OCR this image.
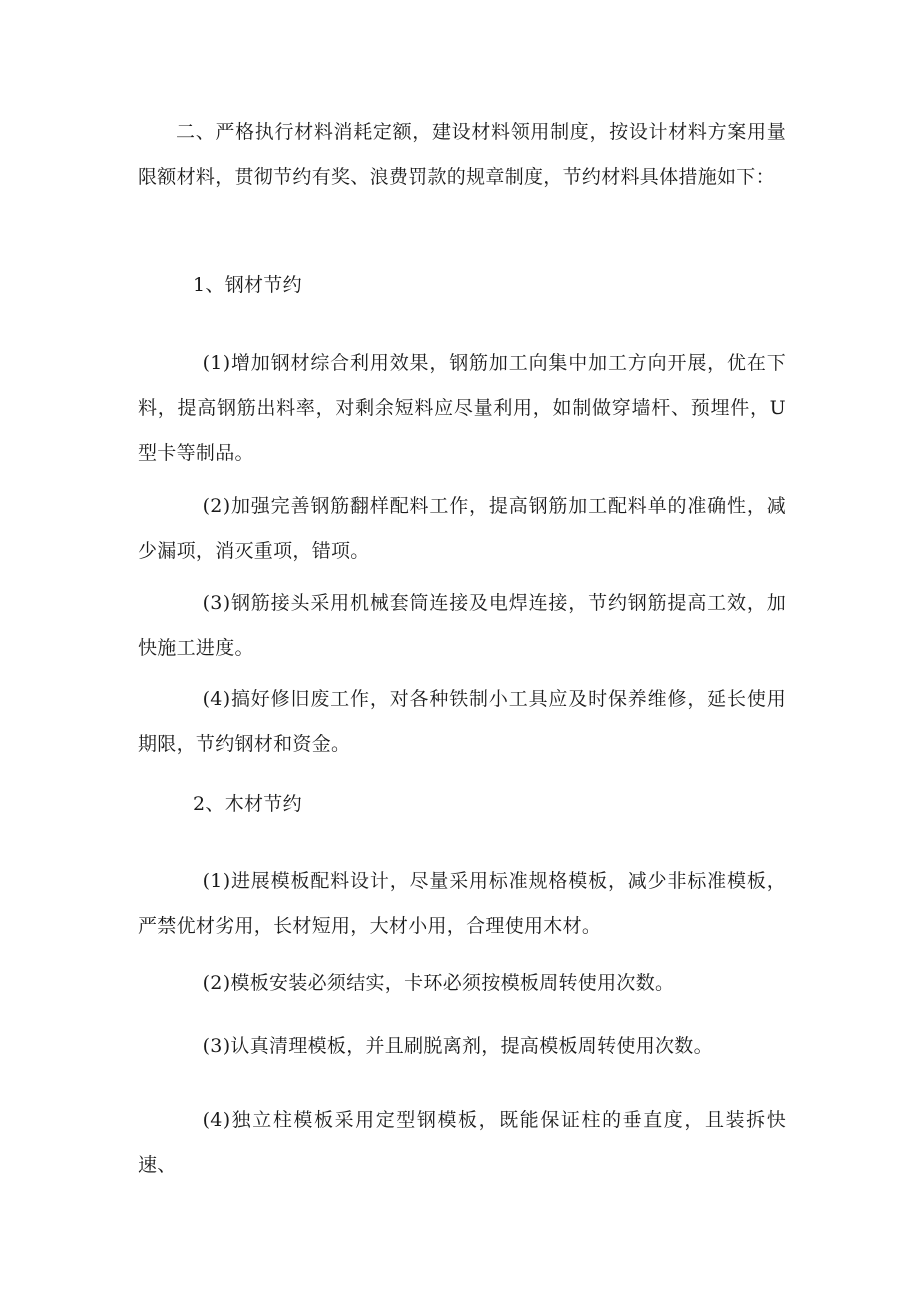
二、严格执行材料消耗定额，建设材料领用制度，按设计材料方案用量限额材料，贯彻节约有奖、浪费罚款的规章制度，节约材料具体措施如下：

1、钢材节约

(1)增加钢材综合利用效果，钢筋加工向集中加工方向开展，优在下料，提高钢筋出料率，对剩余短料应尽量利用，如制做穿墙杆、预埋件，U型卡等制品。

(2)加强完善钢筋翻样配料工作，提高钢筋加工配料单的准确性，减少漏项，消灭重项，错项。

(3)钢筋接头采用机械套筒连接及电焊连接，节约钢筋提高工效，加快施工进度。

(4)搞好修旧废工作，对各种铁制小工具应及时保养维修，延长使用期限，节约钢材和资金。

2、木材节约

(1)进展模板配料设计，尽量采用标准规格模板，减少非标准模板，严禁优材劣用，长材短用，大材小用，合理使用木材。

(2)模板安装必须结实，卡环必须按模板周转使用次数。

(3)认真清理模板，并且刷脱离剂，提高模板周转使用次数。

(4)独立柱模板采用定型钢模板，既能保证柱的垂直度，且装拆快速、
